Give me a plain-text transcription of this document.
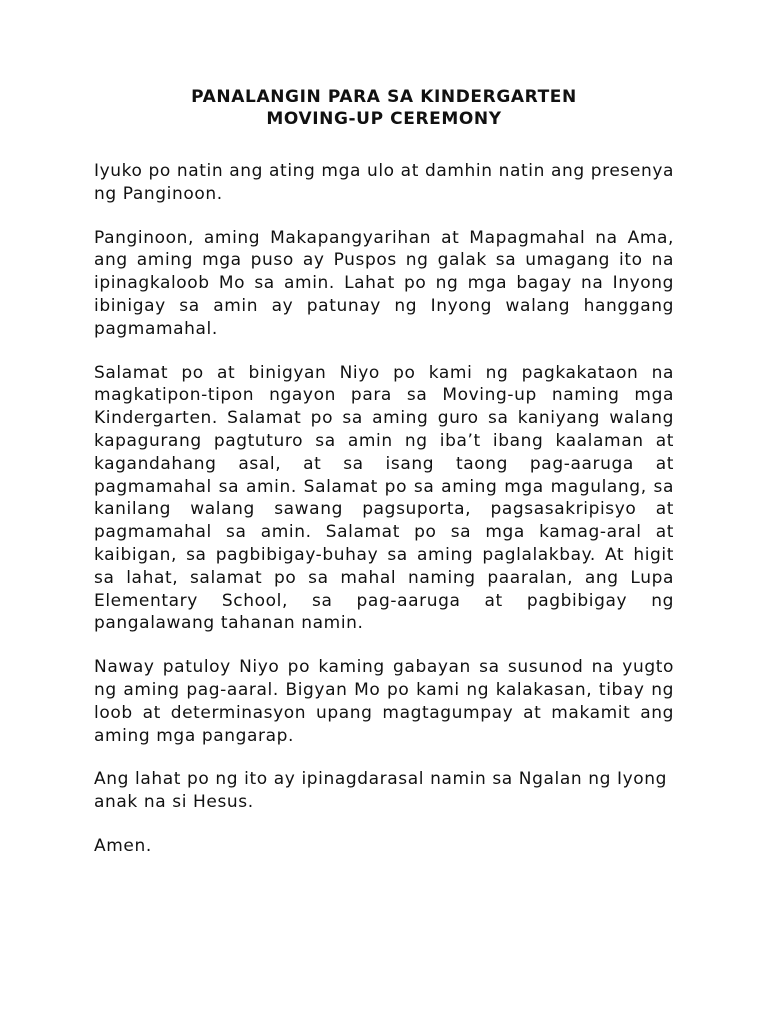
PANALANGIN PARA SA KINDERGARTEN
MOVING-UP CEREMONY

Iyuko po natin ang ating mga ulo at damhin natin ang presenya ng Panginoon.

Panginoon, aming Makapangyarihan at Mapagmahal na Ama, ang aming mga puso ay Puspos ng galak sa umagang ito na ipinagkaloob Mo sa amin. Lahat po ng mga bagay na Inyong ibinigay sa amin ay patunay ng Inyong walang hanggang pagmamahal.

Salamat po at binigyan Niyo po kami ng pagkakataon na magkatipon-tipon ngayon para sa Moving-up naming mga Kindergarten. Salamat po sa aming guro sa kaniyang walang kapagurang pagtuturo sa amin ng iba’t ibang kaalaman at kagandahang asal, at sa isang taong pag-aaruga at pagmamahal sa amin. Salamat po sa aming mga magulang, sa kanilang walang sawang pagsuporta, pagsasakripisyo at pagmamahal sa amin. Salamat po sa mga kamag-aral at kaibigan, sa pagbibigay-buhay sa aming paglalakbay. At higit sa lahat, salamat po sa mahal naming paaralan, ang Lupa Elementary School, sa pag-aaruga at pagbibigay ng pangalawang tahanan namin.

Naway patuloy Niyo po kaming gabayan sa susunod na yugto ng aming pag-aaral. Bigyan Mo po kami ng kalakasan, tibay ng loob at determinasyon upang magtagumpay at makamit ang aming mga pangarap.

Ang lahat po ng ito ay ipinagdarasal namin sa Ngalan ng Iyong anak na si Hesus.

Amen.
